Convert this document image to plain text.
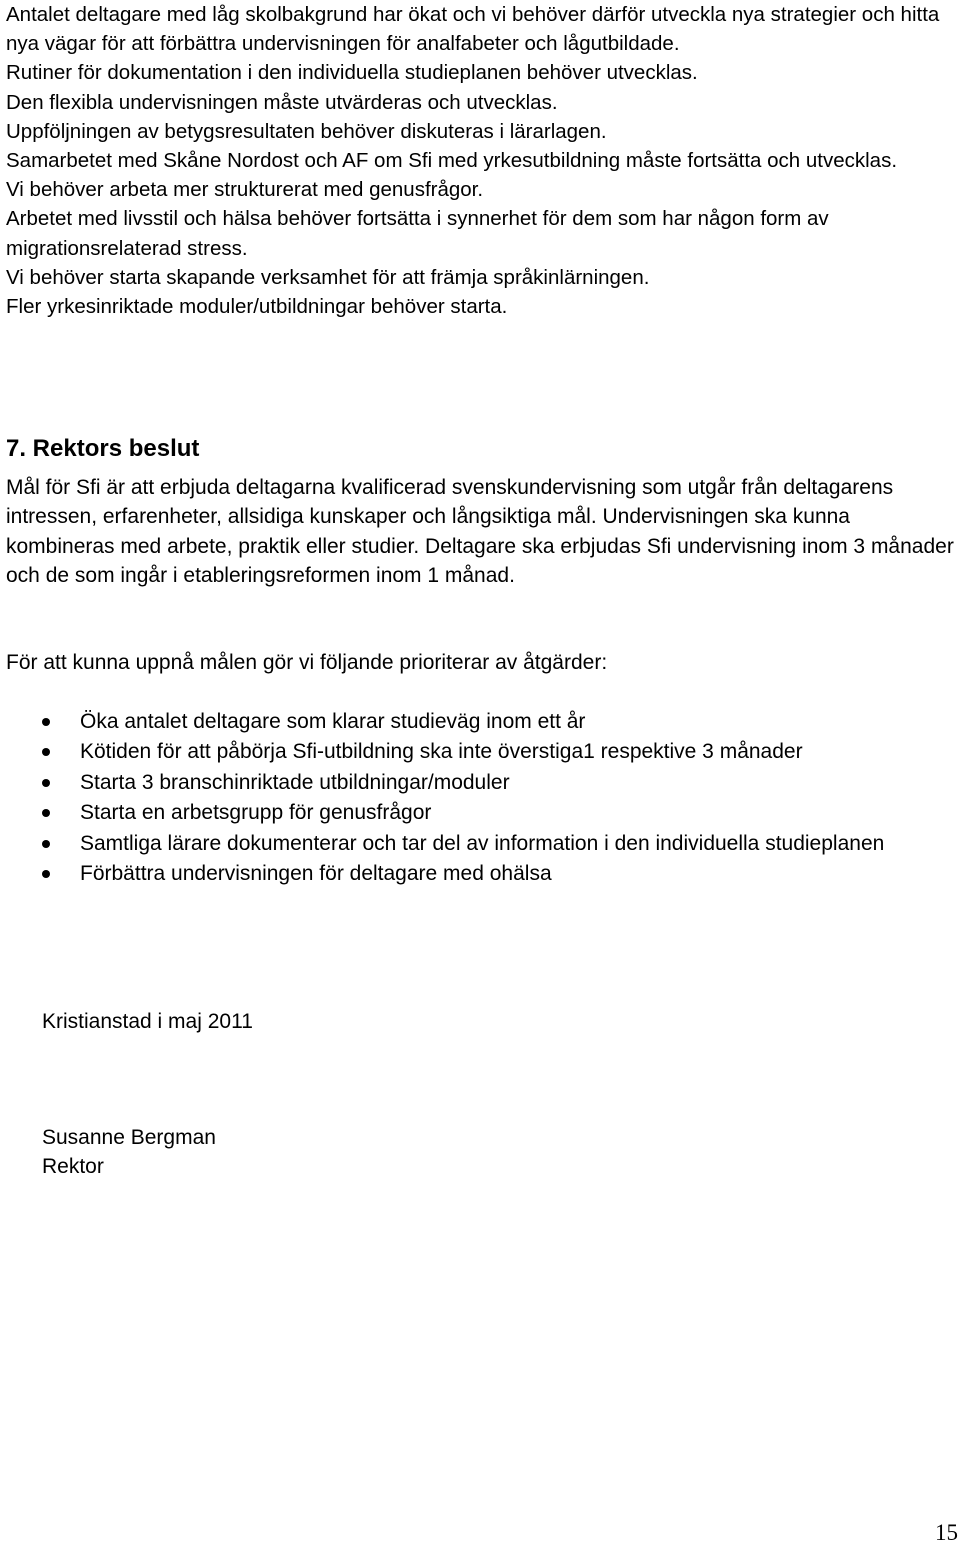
Antalet deltagare med låg skolbakgrund har ökat och vi behöver därför utveckla nya strategier och hitta nya vägar för att förbättra undervisningen för analfabeter och lågutbildade.
Rutiner för dokumentation i den individuella studieplanen behöver utvecklas.
Den flexibla undervisningen måste utvärderas och utvecklas.
Uppföljningen av betygsresultaten behöver diskuteras i lärarlagen.
Samarbetet med Skåne Nordost och AF om Sfi med yrkesutbildning måste fortsätta och utvecklas.
Vi behöver arbeta mer strukturerat med genusfrågor.
Arbetet med livsstil och hälsa behöver fortsätta i synnerhet för dem som har någon form av migrationsrelaterad stress.
Vi behöver starta skapande verksamhet för att främja språkinlärningen.
Fler yrkesinriktade moduler/utbildningar behöver starta.
7. Rektors beslut

Mål för Sfi är att erbjuda deltagarna kvalificerad svenskundervisning som utgår från deltagarens intressen, erfarenheter, allsidiga kunskaper och långsiktiga mål. Undervisningen ska kunna kombineras med arbete, praktik eller studier. Deltagare ska erbjudas Sfi undervisning inom 3 månader och de som ingår i etableringsreformen inom 1 månad.

För att kunna uppnå målen gör vi följande prioriterar av åtgärder:

Öka antalet deltagare som klarar studieväg inom ett år
Kötiden för att påbörja Sfi-utbildning ska inte överstiga1 respektive 3 månader
Starta 3 branschinriktade utbildningar/moduler
Starta en arbetsgrupp för genusfrågor
Samtliga lärare dokumenterar och tar del av information i den individuella studieplanen
Förbättra undervisningen för deltagare med ohälsa

Kristianstad i maj 2011

Susanne Bergman
Rektor
15
